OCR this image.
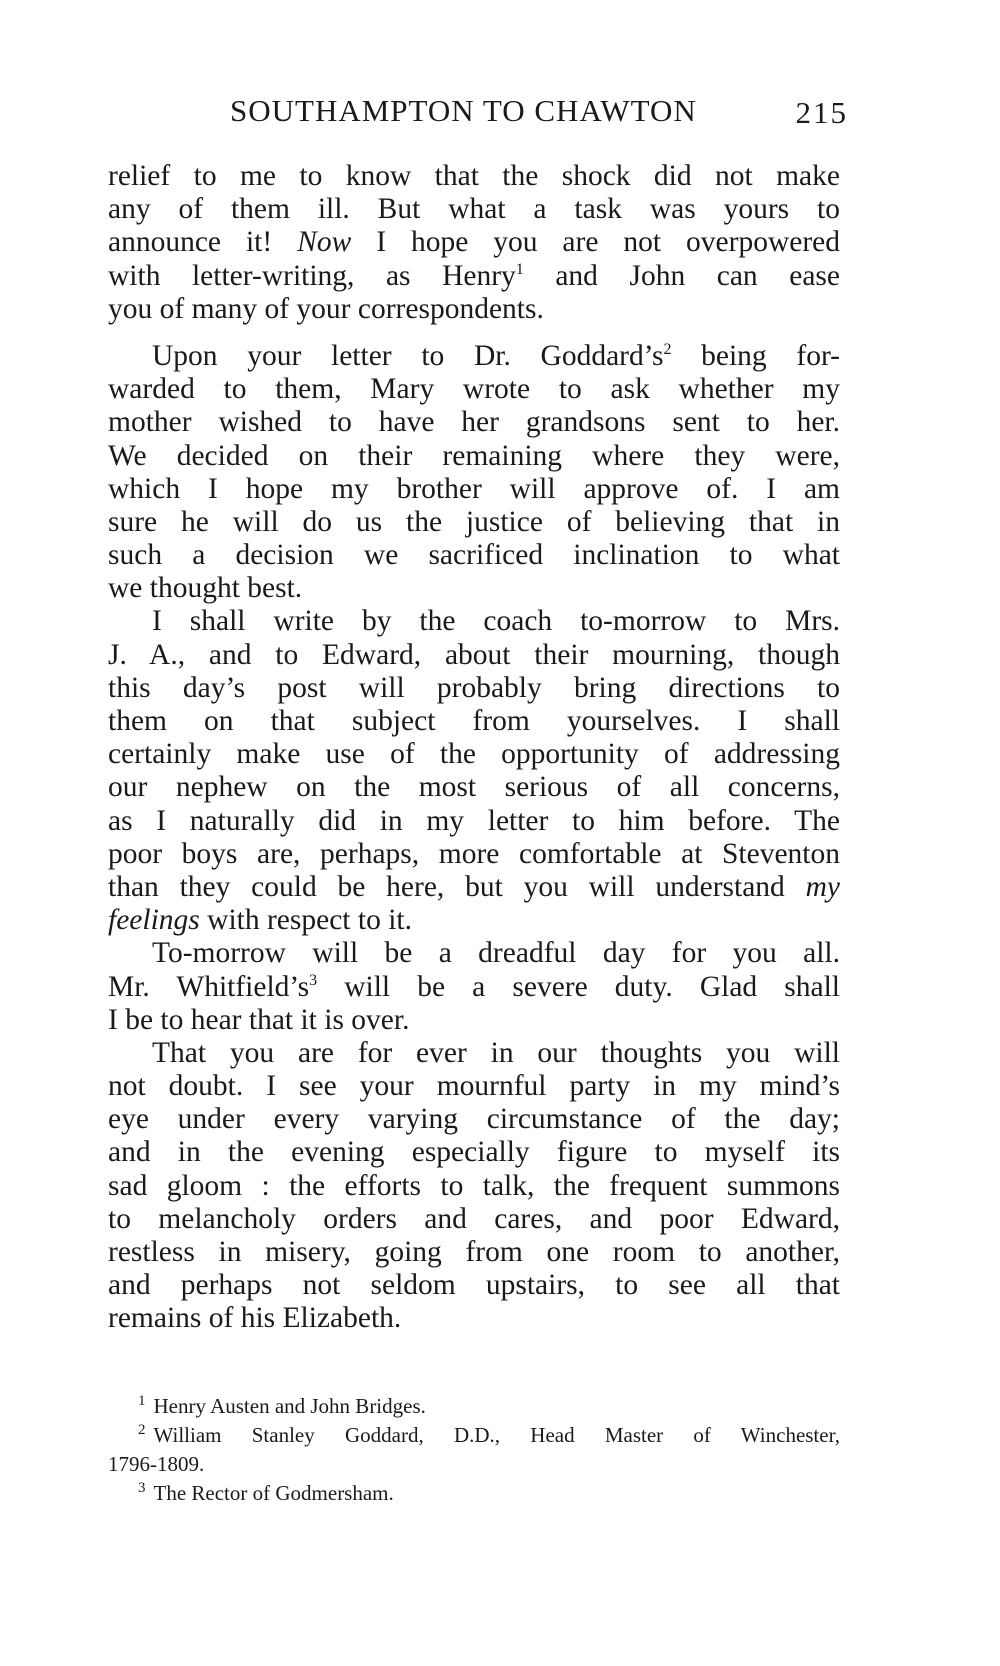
SOUTHAMPTON TO CHAWTON	215
relief to me to know that the shock did not make
any of them ill. But what a task was yours to
announce it! Now I hope you are not overpowered
with letter-writing, as Henry$^1$ and John can ease
you of many of your correspondents.
Upon your letter to Dr. $Goddard’s^2$ being for-
warded to them, Mary wrote to ask whether my
mother wished to have her grandsons sent to her.
We decided on their remaining where they were,
which I hope my brother will approve of. I am
sure he will do us the justice of believing that in
such a decision we sacrificed inclination to what
we thought best.
I shall write by the coach to-morrow to Mrs.
J. A., and to Edward, about their mourning, though
this day’s post will probably bring directions to
them on that subject from yourselves. I shall
certainly make use of the opportunity of addressing
our nephew on the most serious of all concerns,
as I naturally did in my letter to him before. The
poor boys are, perhaps, more comfortable at Steventon
than they could be here, but you will understand my
feelings with respect to it.
To-morrow will be a dreadful day for you all.
Mr. $Whitfield’s^3$ will be a severe duty. Glad shall
I be to hear that it is over.
That you are for ever in our thoughts you will
not doubt. I see your mournful party in my mind’s
eye under every varying circumstance of the day;
and in the evening especially figure to myself its
sad gloom : the efforts to talk, the frequent summons
to melancholy orders and cares, and poor Edward,
restless in misery, going from one room to another,
and perhaps not seldom upstairs, to see all that
remains of his Elizabeth.
$^1$ Henry Austen and John Bridges.
$^2$ William Stanley Goddard, D.D., Head Master of Winchester,
1796-1809.
$^3$ The Rector of Godmersham.
